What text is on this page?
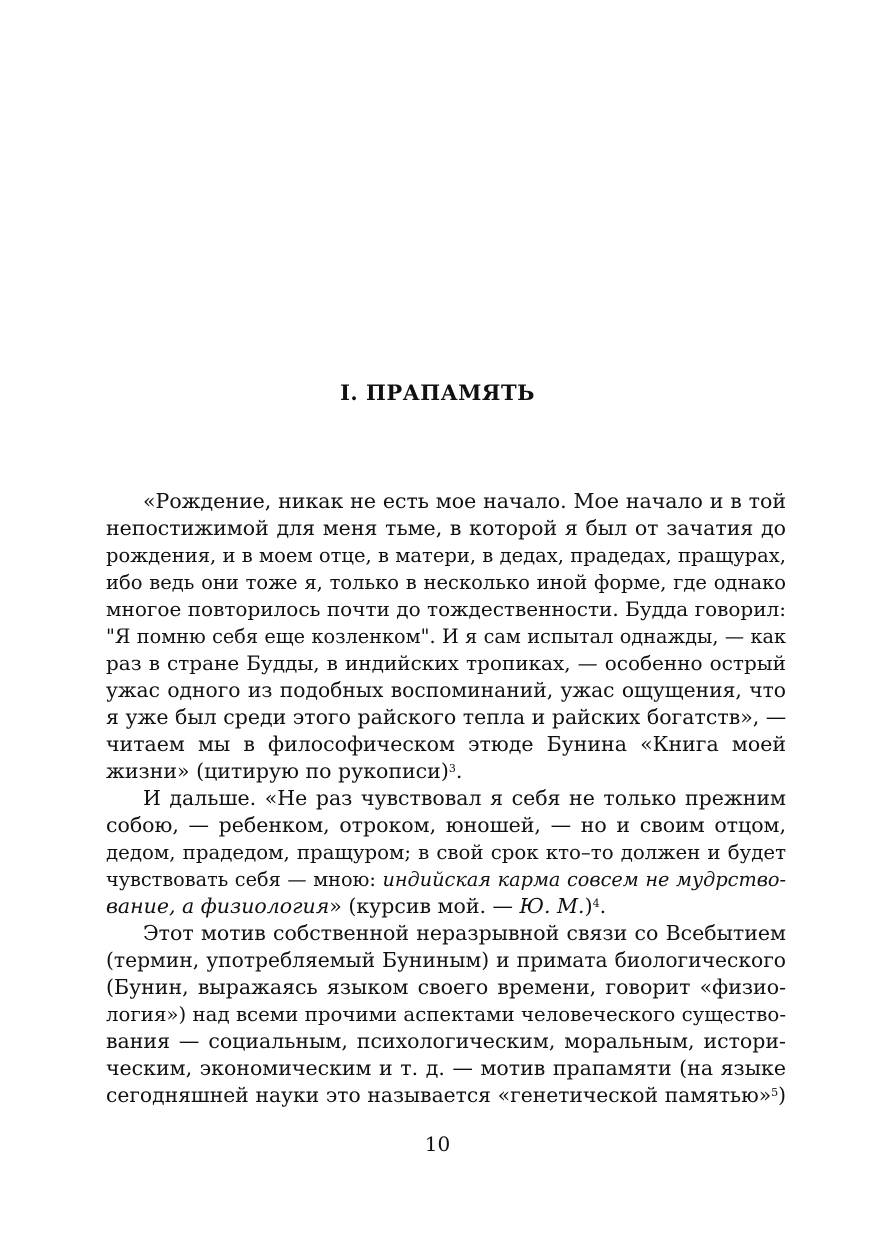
I. ПРАПАМЯТЬ

«Рождение, никак не есть мое начало. Мое начало и в той
непостижимой для меня тьме, в которой я был от зачатия до
рождения, и в моем отце, в матери, в дедах, прадедах, пращурах,
ибо ведь они тоже я, только в несколько иной форме, где однако
многое повторилось почти до тождественности. Будда говорил:
"Я помню себя еще козленком". И я сам испытал однажды, — как
раз в стране Будды, в индийских тропиках, — особенно острый
ужас одного из подобных воспоминаний, ужас ощущения, что
я уже был среди этого райского тепла и райских богатств», —
читаем мы в философическом этюде Бунина «Книга моей
жизни» (цитирую по рукописи)$^3$.

И дальше. «Не раз чувствовал я себя не только прежним
собою, — ребенком, отроком, юношей, — но и своим отцом,
дедом, прадедом, пращуром; в свой срок кто–то должен и будет
чувствовать себя — мною: индийская карма совсем не мудрство-
вание, а физиология» (курсив мой. — Ю. М.)$^4$.

Этот мотив собственной неразрывной связи со Всебытием
(термин, употребляемый Буниным) и примата биологического
(Бунин, выражаясь языком своего времени, говорит «физио-
логия») над всеми прочими аспектами человеческого существо-
вания — социальным, психологическим, моральным, истори-
ческим, экономическим и т. д. — мотив прапамяти (на языке
сегодняшней науки это называется «генетической памятью»$^5$)

10
